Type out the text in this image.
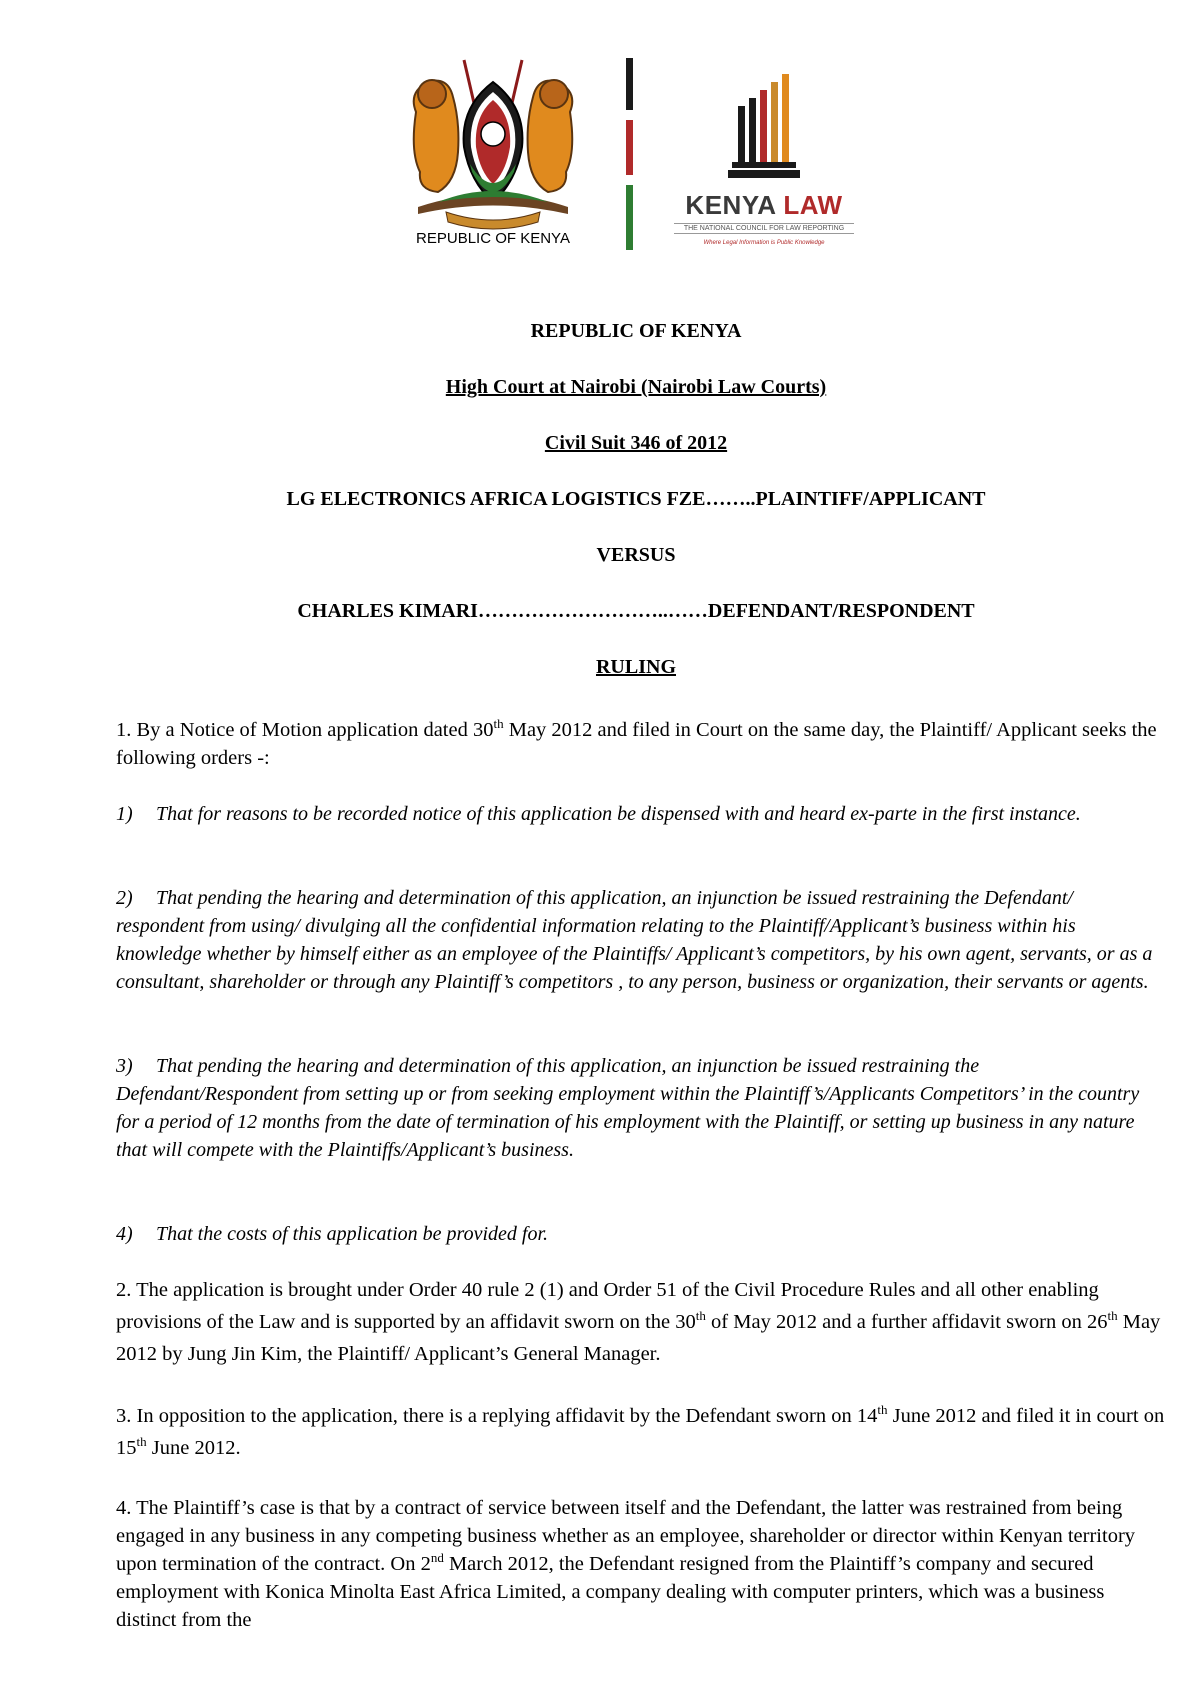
REPUBLIC OF KENYA
KENYA LAW
THE NATIONAL COUNCIL FOR LAW REPORTING
Where Legal Information is Public Knowledge
REPUBLIC OF KENYA
High Court at Nairobi (Nairobi Law Courts)
Civil Suit 346 of 2012
LG ELECTRONICS AFRICA LOGISTICS FZE……..PLAINTIFF/APPLICANT
VERSUS
CHARLES KIMARI………………………..……DEFENDANT/RESPONDENT
RULING
1. By a Notice of Motion application dated 30th May 2012 and filed in Court on the same day, the Plaintiff/ Applicant seeks the following orders -:
1) That for reasons to be recorded notice of this application be dispensed with and heard ex-parte in the first instance.
2) That pending the hearing and determination of this application, an injunction be issued restraining the Defendant/ respondent from using/ divulging all the confidential information relating to the Plaintiff/Applicant’s business within his knowledge whether by himself either as an employee of the Plaintiffs/ Applicant’s competitors, by his own agent, servants, or as a consultant, shareholder or through any Plaintiff’s competitors , to any person, business or organization, their servants or agents.
3) That pending the hearing and determination of this application, an injunction be issued restraining the Defendant/Respondent from setting up or from seeking employment within the Plaintiff’s/Applicants Competitors’ in the country for a period of 12 months from the date of termination of his employment with the Plaintiff, or setting up business in any nature that will compete with the Plaintiffs/Applicant’s business.
4) That the costs of this application be provided for.
2. The application is brought under Order 40 rule 2 (1) and Order 51 of the Civil Procedure Rules and all other enabling provisions of the Law and is supported by an affidavit sworn on the 30th of May 2012 and a further affidavit sworn on 26th May 2012 by Jung Jin Kim, the Plaintiff/ Applicant’s General Manager.
3. In opposition to the application, there is a replying affidavit by the Defendant sworn on 14th June 2012 and filed it in court on 15th June 2012.
4. The Plaintiff’s case is that by a contract of service between itself and the Defendant, the latter was restrained from being engaged in any business in any competing business whether as an employee, shareholder or director within Kenyan territory upon termination of the contract. On 2nd March 2012, the Defendant resigned from the Plaintiff’s company and secured employment with Konica Minolta East Africa Limited, a company dealing with computer printers, which was a business distinct from the
